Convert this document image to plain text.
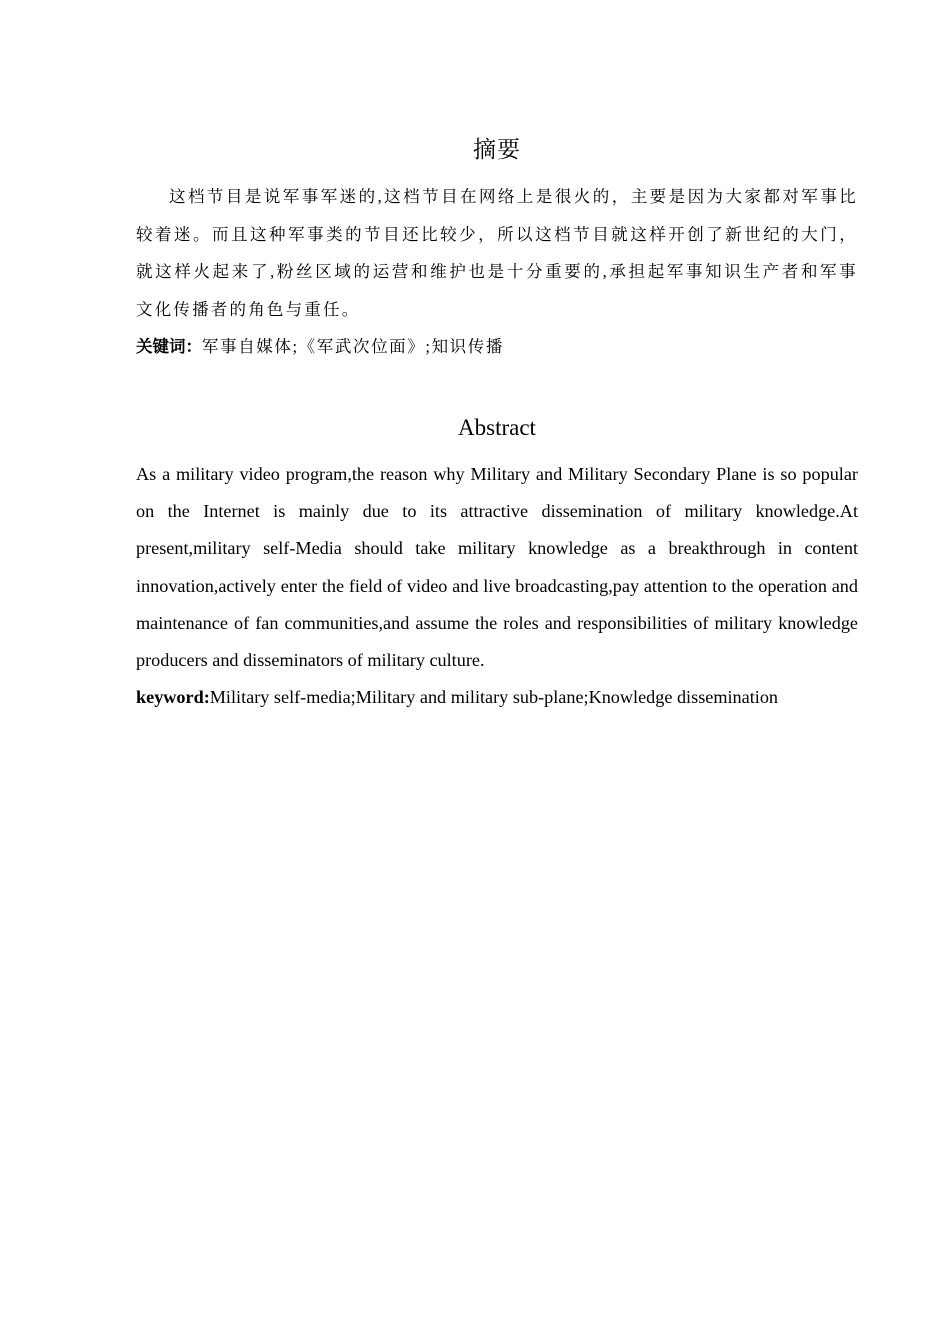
摘要

这档节目是说军事军迷的,这档节目在网络上是很火的，主要是因为大家都对军事比较着迷。而且这种军事类的节目还比较少，所以这档节目就这样开创了新世纪的大门，就这样火起来了,粉丝区域的运营和维护也是十分重要的,承担起军事知识生产者和军事文化传播者的角色与重任。

关键词：军事自媒体;《军武次位面》;知识传播
Abstract

As a military video program,the reason why Military and Military Secondary Plane is so popular on the Internet is mainly due to its attractive dissemination of military knowledge.At present,military self-Media should take military knowledge as a breakthrough in content innovation,actively enter the field of video and live broadcasting,pay attention to the operation and maintenance of fan communities,and assume the roles and responsibilities of military knowledge producers and disseminators of military culture.

keyword:Military self-media;Military and military sub-plane;Knowledge dissemination
